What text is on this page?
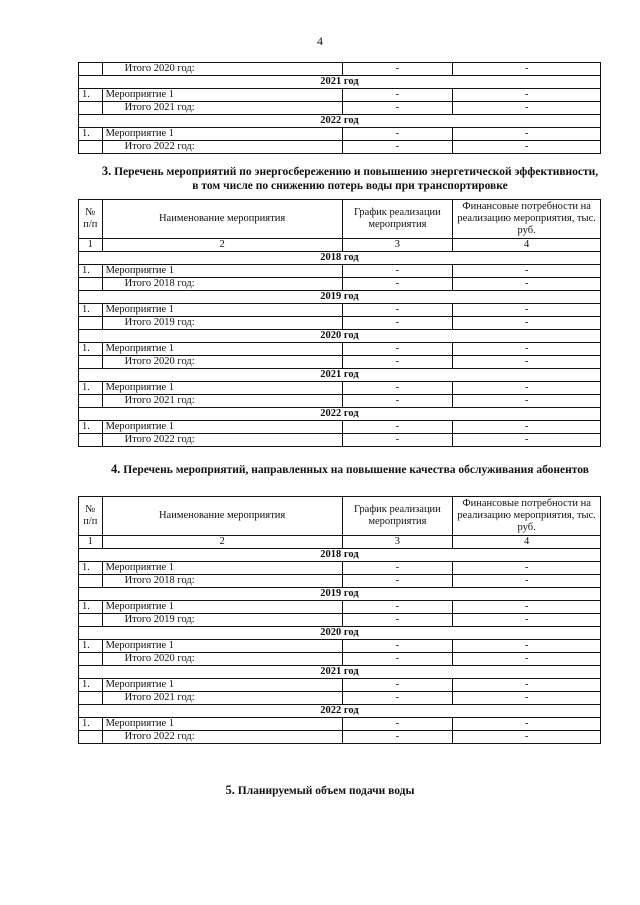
4
	Итого 2020 год:	-	-
2021 год			
1.	Мероприятие 1	-	-
	Итого 2021 год:	-	-
2022 год			
1.	Мероприятие 1	-	-
	Итого 2022 год:	-	-
3. Перечень мероприятий по энергосбережению и повышению энергетической эффективности, в том числе по снижению потерь воды при транспортировке
№ п/п	Наименование мероприятия	График реализации мероприятия	Финансовые потребности на реализацию мероприятия, тыс. руб.
1	2	3	4
2018 год			
1.	Мероприятие 1	-	-
	Итого 2018 год:	-	-
2019 год			
1.	Мероприятие 1	-	-
	Итого 2019 год:	-	-
2020 год			
1.	Мероприятие 1	-	-
	Итого 2020 год:	-	-
2021 год			
1.	Мероприятие 1	-	-
	Итого 2021 год:	-	-
2022 год			
1.	Мероприятие 1	-	-
	Итого 2022 год:	-	-
4. Перечень мероприятий, направленных на повышение качества обслуживания абонентов
№ п/п	Наименование мероприятия	График реализации мероприятия	Финансовые потребности на реализацию мероприятия, тыс. руб.
1	2	3	4
2018 год			
1.	Мероприятие 1	-	-
	Итого 2018 год:	-	-
2019 год			
1.	Мероприятие 1	-	-
	Итого 2019 год:	-	-
2020 год			
1.	Мероприятие 1	-	-
	Итого 2020 год:	-	-
2021 год			
1.	Мероприятие 1	-	-
	Итого 2021 год:	-	-
2022 год			
1.	Мероприятие 1	-	-
	Итого 2022 год:	-	-
5. Планируемый объем подачи воды
